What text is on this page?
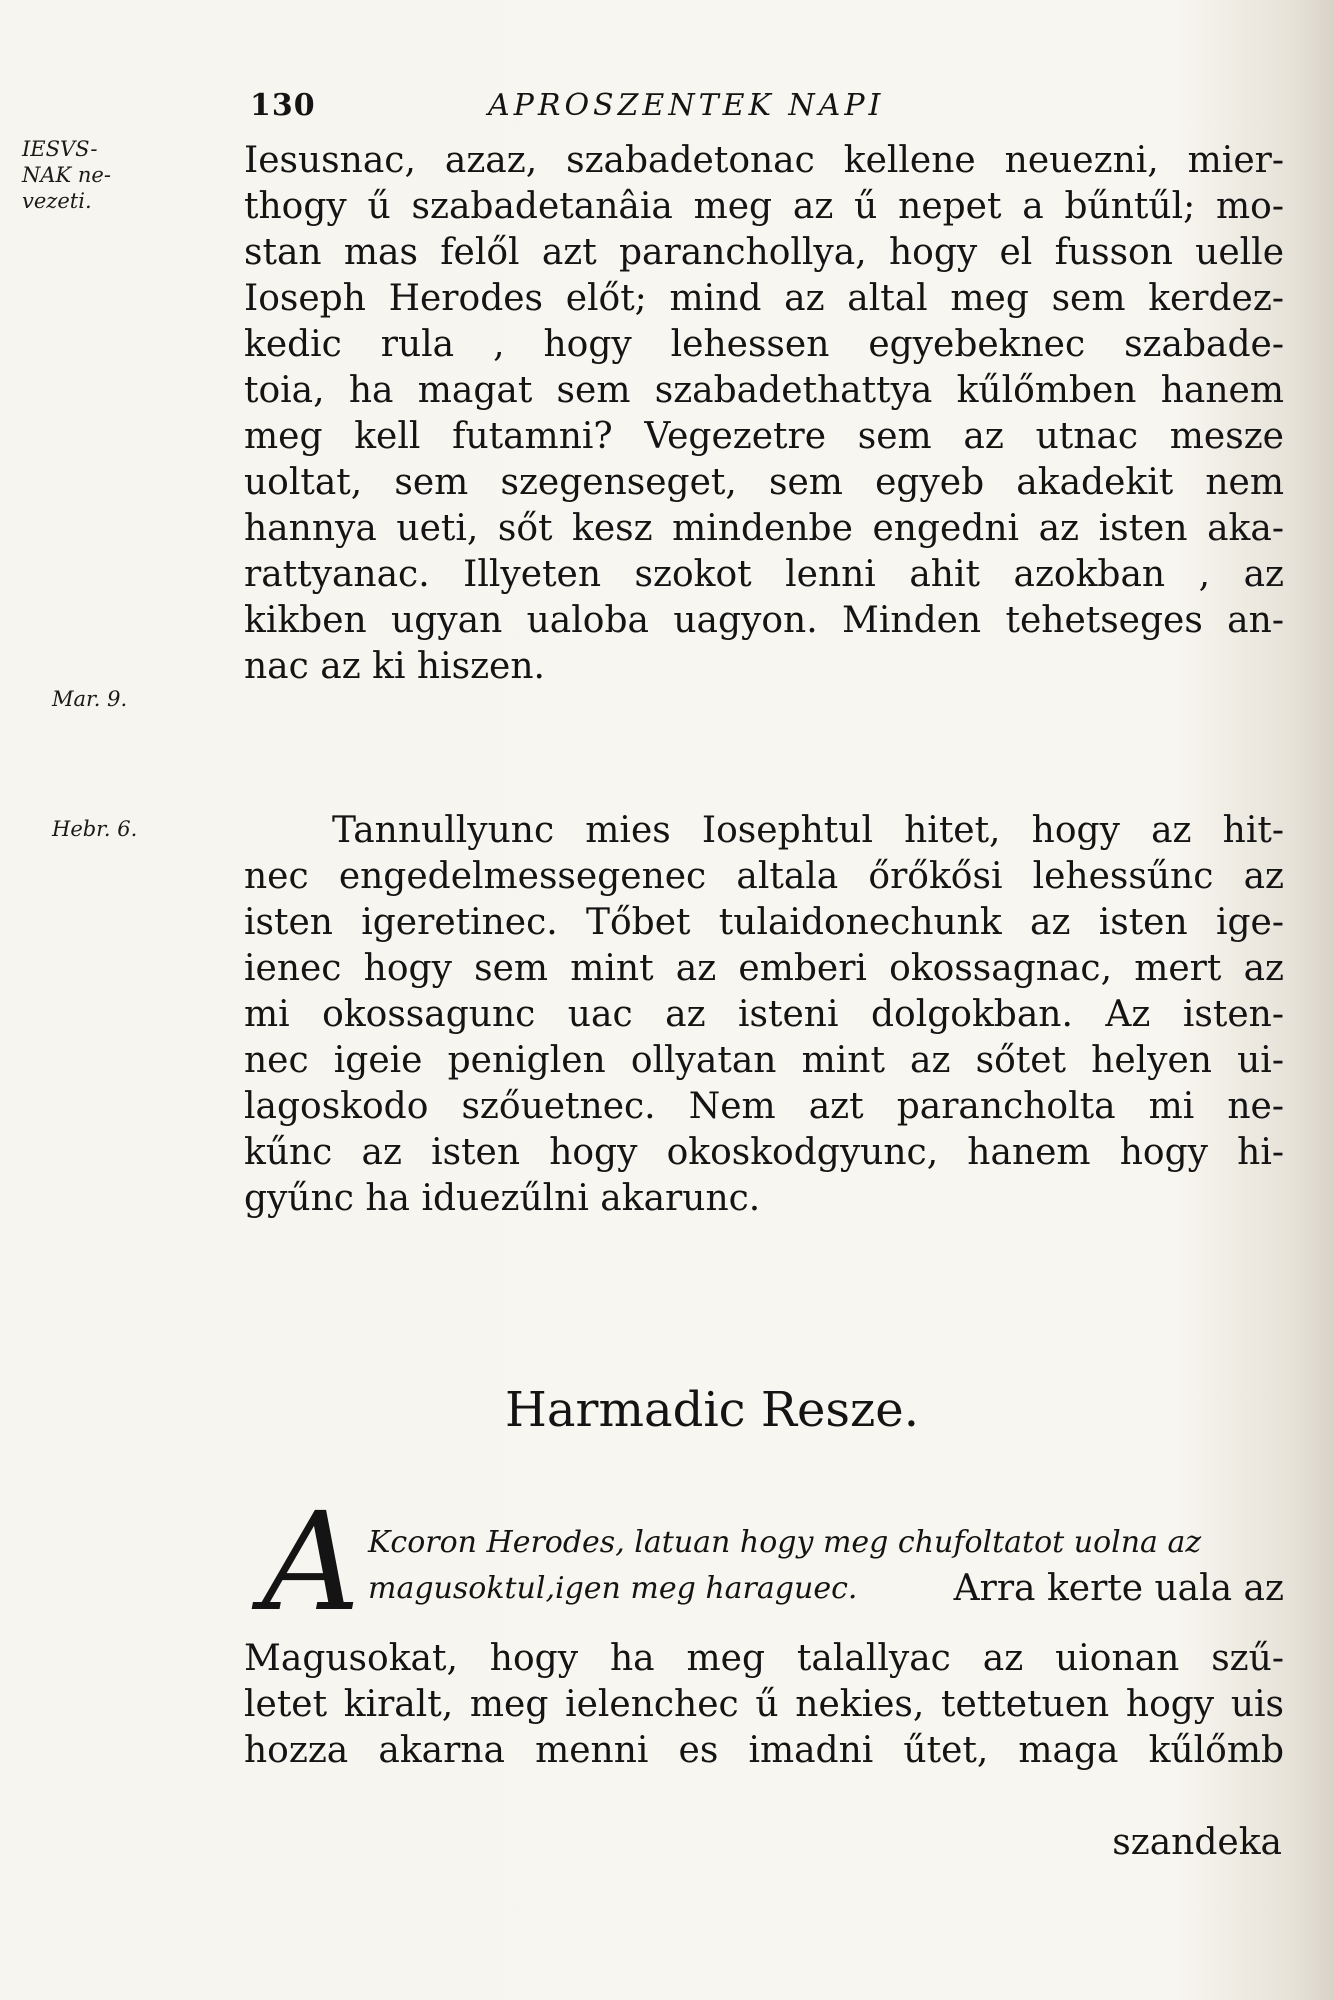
130	APROSZENTEK NAPI
IESVS-
NAK ne-
vezeti.
Mar. 9.
Hebr. 6.
Iesusnac, azaz, szabadetonac kellene neuezni, mier-
thogy ű szabadetanâia meg az ű nepet a bűntűl; mo-
stan mas felől azt paranchollya, hogy el fusson uelle
Ioseph Herodes előt; mind az altal meg sem kerdez-
kedic rula , hogy lehessen egyebeknec szabade-
toia, ha magat sem szabadethattya kűlőmben hanem
meg kell futamni? Vegezetre sem az utnac mesze
uoltat, sem szegenseget, sem egyeb akadekit nem
hannya ueti, sőt kesz mindenbe engedni az isten aka-
rattyanac. Illyeten szokot lenni ahit azokban , az
kikben ugyan ualoba uagyon. Minden tehetseges an-
nac az ki hiszen.
Tannullyunc mies Iosephtul hitet, hogy az hit-
nec engedelmessegenec altala őrőkősi lehessűnc az
isten igeretinec. Tőbet tulaidonechunk az isten ige-
ienec hogy sem mint az emberi okossagnac, mert az
mi okossagunc uac az isteni dolgokban. Az isten-
nec igeie peniglen ollyatan mint az sőtet helyen ui-
lagoskodo szőuetnec. Nem azt parancholta mi ne-
kűnc az isten hogy okoskodgyunc, hanem hogy hi-
gyűnc ha iduezűlni akarunc.
Harmadic Resze.
A Kcoron Herodes, latuan hogy meg chufoltatot uolna az
magusoktul,igen meg haraguec.	Arra kerte uala az
Magusokat, hogy ha meg talallyac az uionan szű-
letet kiralt, meg ielenchec ű nekies, tettetuen hogy uis
hozza akarna menni es imadni űtet, maga kűlőmb
szandeka
